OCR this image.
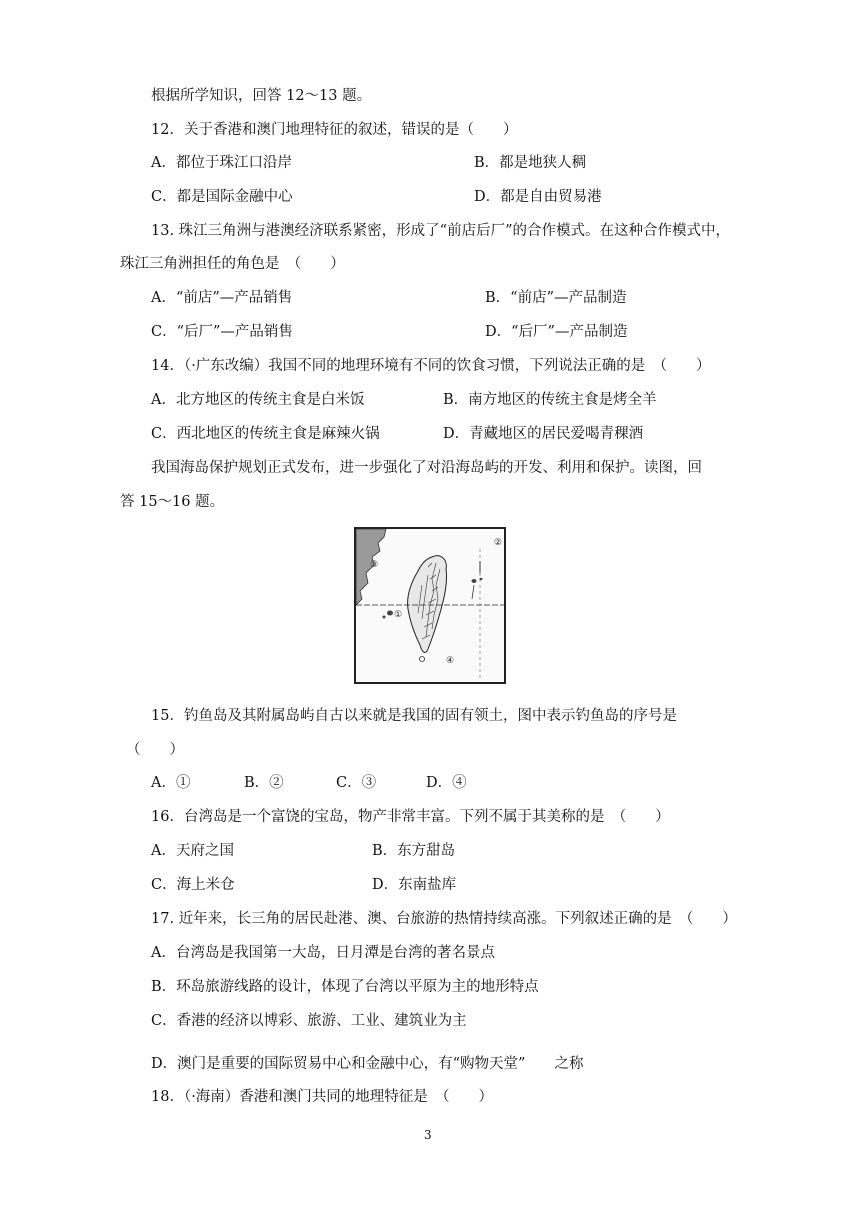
根据所学知识，回答 12～13 题。
12．关于香港和澳门地理特征的叙述，错误的是（　　）
A．都位于珠江口沿岸	B．都是地狭人稠
C．都是国际金融中心	D．都是自由贸易港
13. 珠江三角洲与港澳经济联系紧密，形成了“前店后厂”的合作模式。在这种合作模式中，
珠江三角洲担任的角色是　（　　）
A．“前店”—产品销售	B．“前店”—产品制造
C．“后厂”—产品销售	D．“后厂”—产品制造
14．（·广东改编）我国不同的地理环境有不同的饮食习惯，下列说法正确的是　（　　）
A．北方地区的传统主食是白米饭	B．南方地区的传统主食是烤全羊
C．西北地区的传统主食是麻辣火锅	D．青藏地区的居民爱喝青稞酒
我国海岛保护规划正式发布，进一步强化了对沿海岛屿的开发、利用和保护。读图，回
答 15～16 题。
①
②
③
④
15．钓鱼岛及其附属岛屿自古以来就是我国的固有领土，图中表示钓鱼岛的序号是
（　　）
A．①	B．②	C．③	D．④
16．台湾岛是一个富饶的宝岛，物产非常丰富。下列不属于其美称的是　（　　）
A．天府之国	B．东方甜岛
C．海上米仓	D．东南盐库
17. 近年来，长三角的居民赴港、澳、台旅游的热情持续高涨。下列叙述正确的是　（　　）
A．台湾岛是我国第一大岛，日月潭是台湾的著名景点
B．环岛旅游线路的设计，体现了台湾以平原为主的地形特点
C．香港的经济以博彩、旅游、工业、建筑业为主
D．澳门是重要的国际贸易中心和金融中心，有“购物天堂”　　之称
18．（·海南）香港和澳门共同的地理特征是　（　　）
3
